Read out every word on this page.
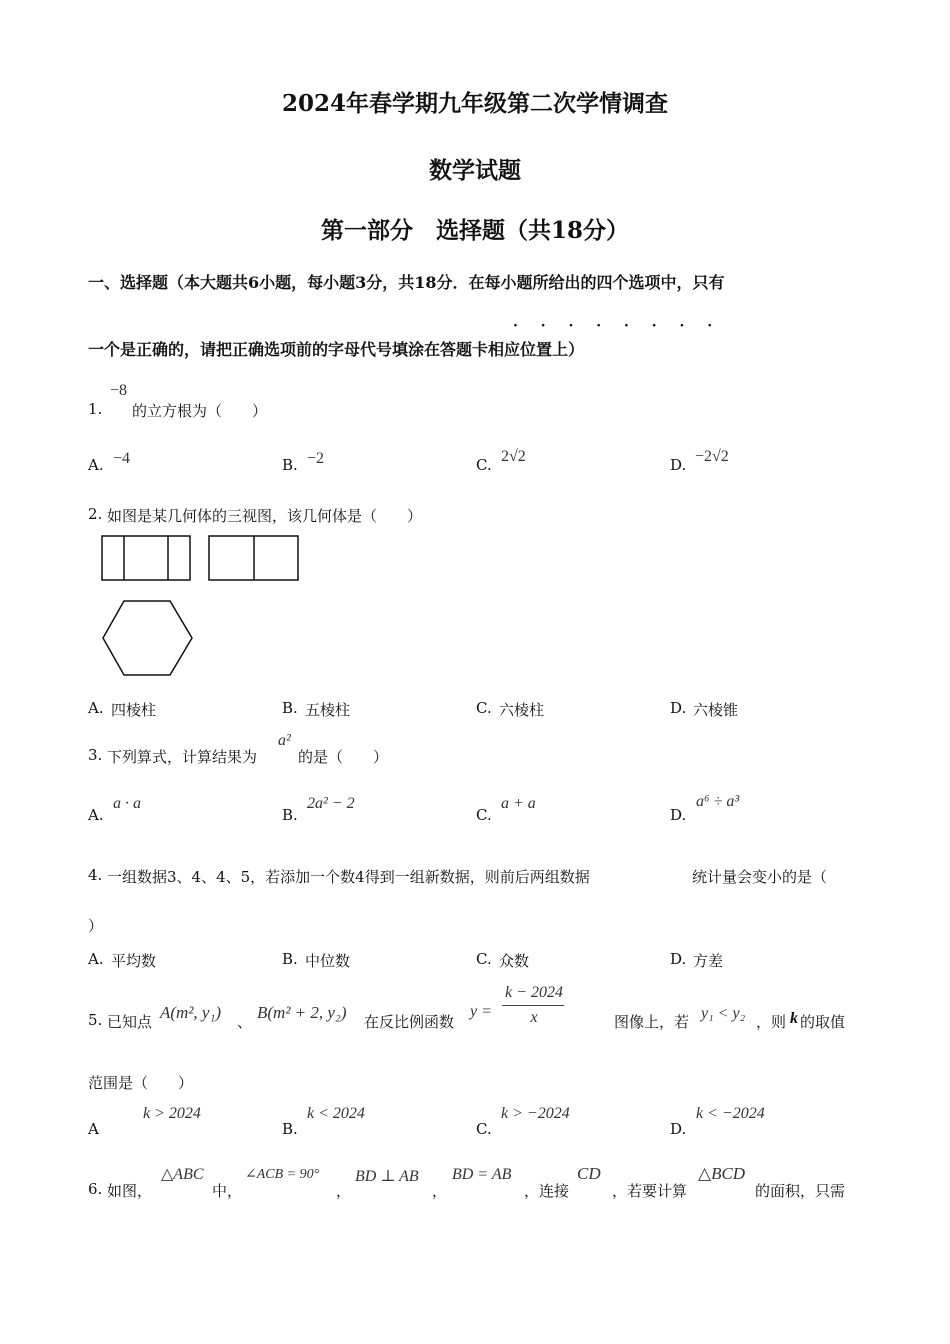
2024年春学期九年级第二次学情调查
数学试题
第一部分　选择题（共18分）
一、选择题（本大题共6小题，每小题3分，共18分．在每小题所给出的四个选项中，只有
· · · · · · · ·
一个是正确的，请把正确选项前的字母代号填涂在答题卡相应位置上）
1.
−8
的立方根为（　　）
A. −4	B. −2	C. 2√2	D. −2√2
2. 如图是某几何体的三视图，该几何体是（　　）
A. 四棱柱	B. 五棱柱	C. 六棱柱	D. 六棱锥
3. 下列算式，计算结果为
a²
的是（　　）
A.
a · a
B.
2a² − 2
C.
a + a
D.
a⁶ ÷ a³
4. 一组数据3、4、4、5，若添加一个数4得到一组新数据，则前后两组数据	统计量会变小的是（
）
A. 平均数	B. 中位数	C. 众数	D. 方差
5. 已知点 A(m², y₁) 、 B(m² + 2, y₂) 在反比例函数
y =
k − 2024
x	图像上，若 y₁ < y₂ ，则 k 的取值
范围是（　　）
A
k > 2024
B.
k < 2024
C.
k > −2024
D.
k < −2024
6. 如图，
△ABC
中，
∠ACB = 90°
，
BD ⊥ AB
，
BD = AB
，连接
CD
，若要计算
△BCD
的面积，只需
